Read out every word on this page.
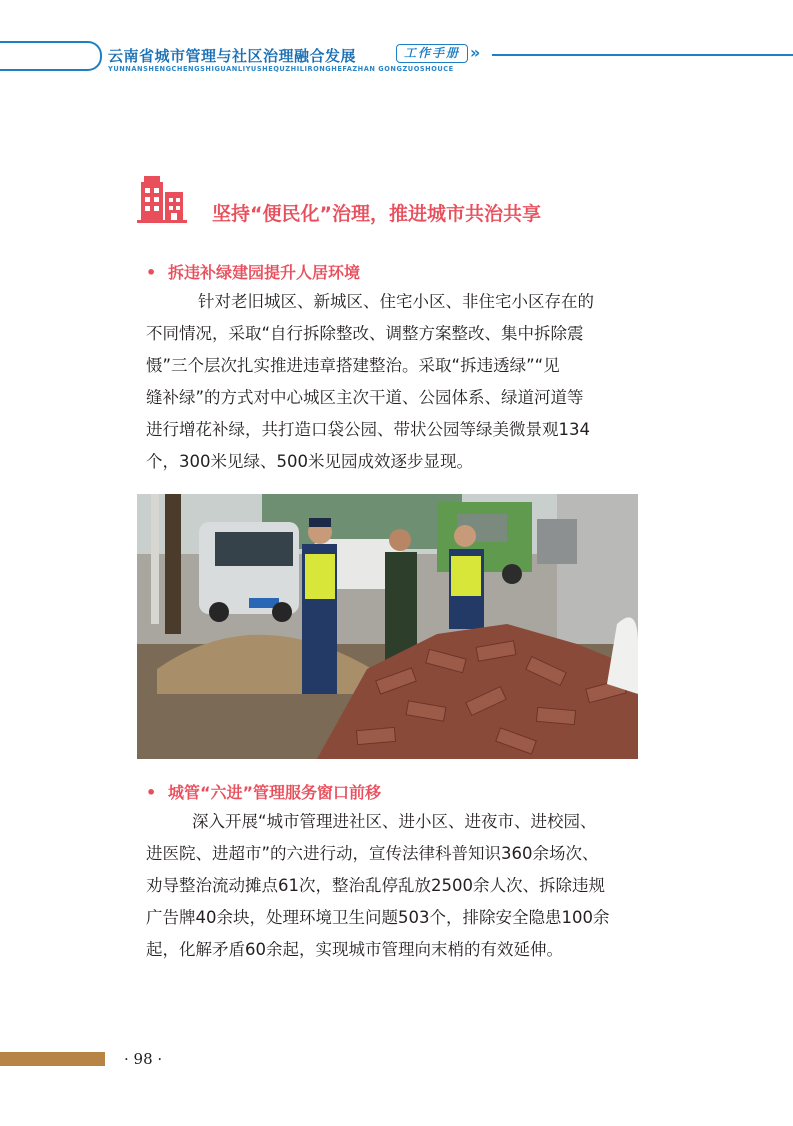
云南省城市管理与社区治理融合发展	工作手册 »
YUNNANSHENGCHENGSHIGUANLIYUSHEQUZHILIRONGHEFAZHAN GONGZUOSHOUCE
坚持“便民化”治理，推进城市共治共享
• 拆违补绿建园提升人居环境
针对老旧城区、新城区、住宅小区、非住宅小区存在的
不同情况，采取“自行拆除整改、调整方案整改、集中拆除震
慑”三个层次扎实推进违章搭建整治。采取“拆违透绿”“见
缝补绿”的方式对中心城区主次干道、公园体系、绿道河道等
进行增花补绿，共打造口袋公园、带状公园等绿美微景观134
个，300米见绿、500米见园成效逐步显现。
• 城管“六进”管理服务窗口前移
深入开展“城市管理进社区、进小区、进夜市、进校园、
进医院、进超市”的六进行动，宣传法律科普知识360余场次、
劝导整治流动摊点61次，整治乱停乱放2500余人次、拆除违规
广告牌40余块，处理环境卫生问题503个，排除安全隐患100余
起，化解矛盾60余起，实现城市管理向末梢的有效延伸。
· 98 ·
